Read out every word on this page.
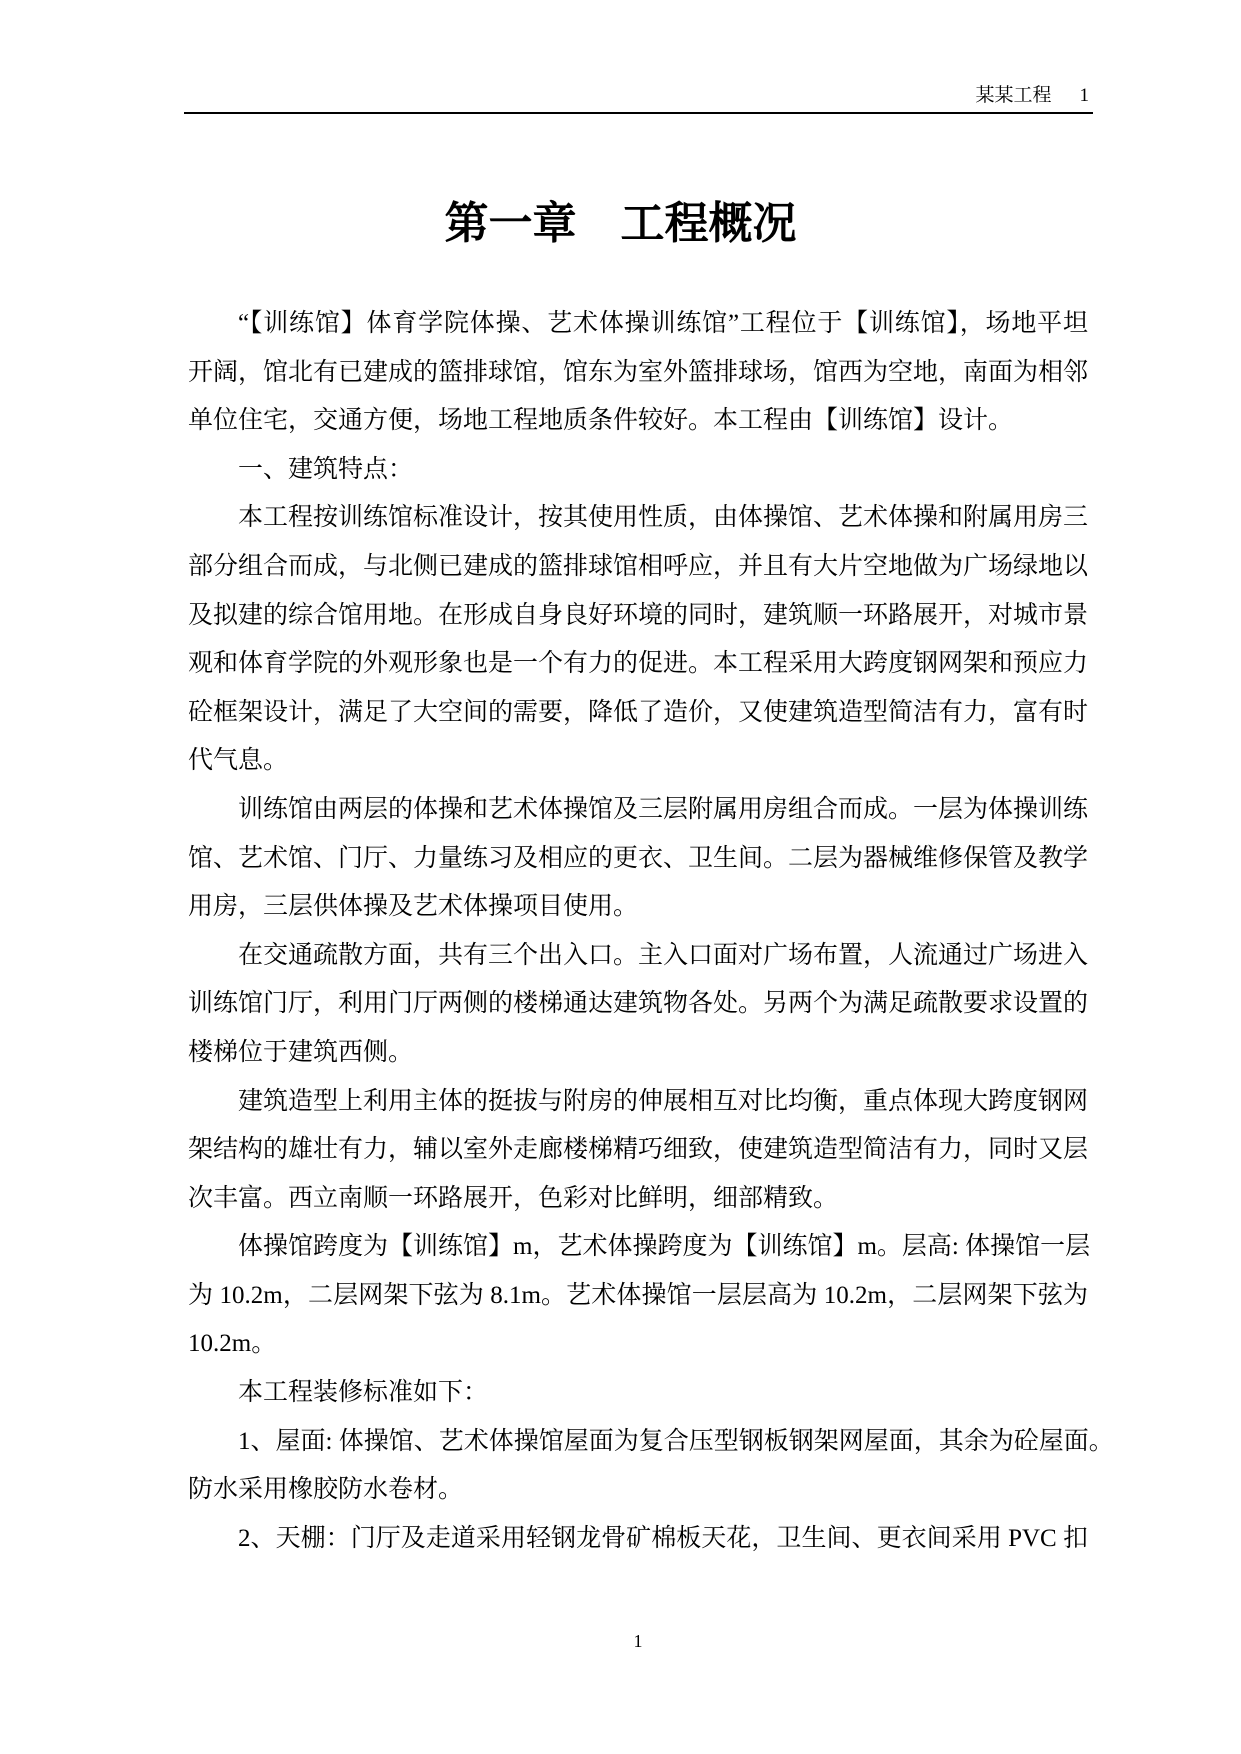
某某工程 1
第一章　工程概况
“【训练馆】体育学院体操、艺术体操训练馆”工程位于【训练馆】，场地平坦
开阔，馆北有已建成的篮排球馆，馆东为室外篮排球场，馆西为空地，南面为相邻
单位住宅，交通方便，场地工程地质条件较好。本工程由【训练馆】设计。
一、建筑特点：
本工程按训练馆标准设计，按其使用性质，由体操馆、艺术体操和附属用房三
部分组合而成，与北侧已建成的篮排球馆相呼应，并且有大片空地做为广场绿地以
及拟建的综合馆用地。在形成自身良好环境的同时，建筑顺一环路展开，对城市景
观和体育学院的外观形象也是一个有力的促进。本工程采用大跨度钢网架和预应力
砼框架设计，满足了大空间的需要，降低了造价，又使建筑造型简洁有力，富有时
代气息。
训练馆由两层的体操和艺术体操馆及三层附属用房组合而成。一层为体操训练
馆、艺术馆、门厅、力量练习及相应的更衣、卫生间。二层为器械维修保管及教学
用房，三层供体操及艺术体操项目使用。
在交通疏散方面，共有三个出入口。主入口面对广场布置，人流通过广场进入
训练馆门厅，利用门厅两侧的楼梯通达建筑物各处。另两个为满足疏散要求设置的
楼梯位于建筑西侧。
建筑造型上利用主体的挺拔与附房的伸展相互对比均衡，重点体现大跨度钢网
架结构的雄壮有力，辅以室外走廊楼梯精巧细致，使建筑造型简洁有力，同时又层
次丰富。西立南顺一环路展开，色彩对比鲜明，细部精致。
体操馆跨度为【训练馆】m，艺术体操跨度为【训练馆】m。层高: 体操馆一层
为 10.2m，二层网架下弦为 8.1m。艺术体操馆一层层高为 10.2m，二层网架下弦为
10.2m。
本工程装修标准如下：
1、屋面: 体操馆、艺术体操馆屋面为复合压型钢板钢架网屋面，其余为砼屋面。
防水采用橡胶防水卷材。
2、天棚：门厅及走道采用轻钢龙骨矿棉板天花，卫生间、更衣间采用 PVC 扣
1
